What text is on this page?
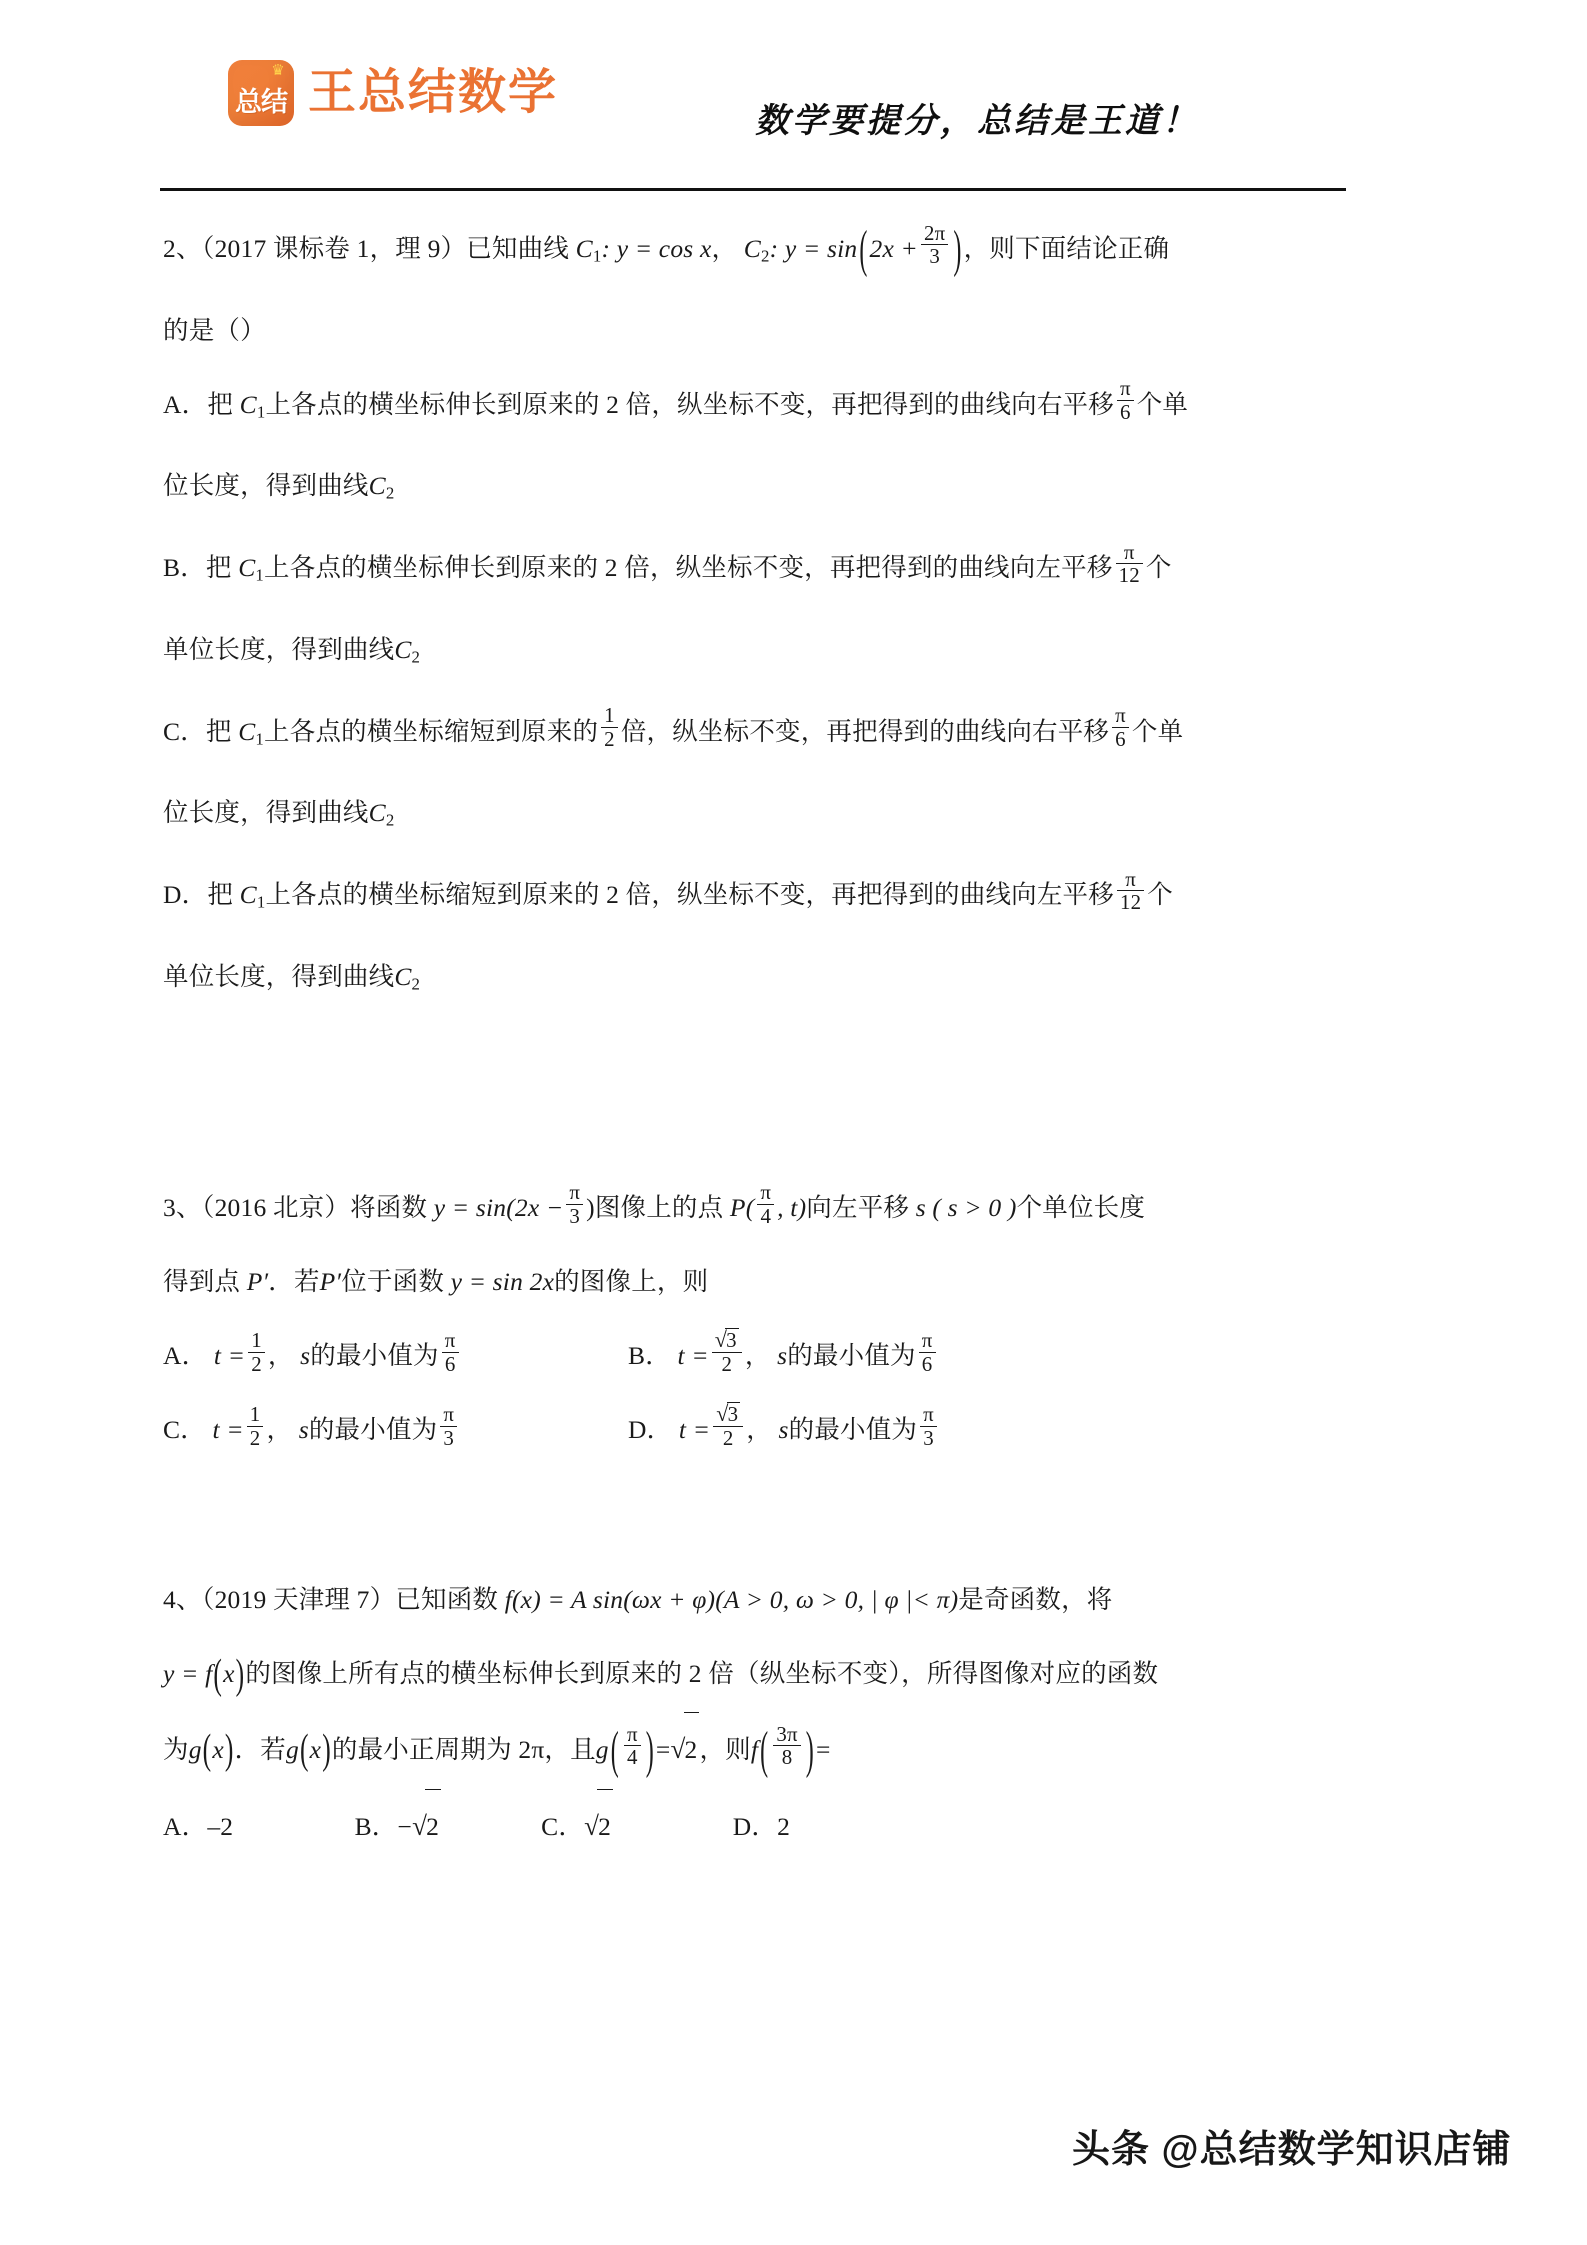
♛
总结 王总结数学
数学要提分，总结是王道！
2、（2017 课标卷 1，理 9）已知曲线 $C_1$: y = cos x， $C_2$: $y = \sin(2x + \frac{2\pi}{3}$ )，则下面结论正确
的是（）
A．把 $C_1$上各点的横坐标伸长到原来的 2 倍，纵坐标不变，再把得到的曲线向右平移 $\frac{\pi}{6}$ 个单
位长度，得到曲线$C_2$
B．把 $C_1$上各点的横坐标伸长到原来的 2 倍，纵坐标不变，再把得到的曲线向左平移 $\frac{\pi}{12}$ 个
单位长度，得到曲线$C_2$
C．把 $C_1$上各点的横坐标缩短到原来的 $\frac{1}{2}$ 倍，纵坐标不变，再把得到的曲线向右平移 $\frac{\pi}{6}$ 个单
位长度，得到曲线$C_2$
D．把 $C_1$上各点的横坐标缩短到原来的 2 倍，纵坐标不变，再把得到的曲线向左平移 $\frac{\pi}{12}$ 个
单位长度，得到曲线$C_2$
3、（2016 北京）将函数 $y = \sin(2x - \frac{\pi}{3}$ )图像上的点 $P( \frac{\pi}{4}$ , t)向左平移 s ( s > 0 )个单位长度
得到点 P′．若P′位于函数 y = sin 2x的图像上，则
A． $t = \frac{1}{2}$ ， s的最小值为 $\frac{\pi}{6}$	B． $t = \frac{√3}{2}$ ， s的最小值为 $\frac{\pi}{6}$
C． $t = \frac{1}{2}$ ， s的最小值为 $\frac{\pi}{3}$	D． $t = \frac{√3}{2}$ ， s的最小值为 $\frac{\pi}{3}$
4、（2019 天津理 7）已知函数 f(x) = A sin(ωx + φ)(A > 0, ω > 0, | φ |< π)是奇函数，将
y = f(x)的图像上所有点的横坐标伸长到原来的 2 倍（纵坐标不变），所得图像对应的函数
为g(x)．若g(x)的最小正周期为 2π，且$g( \frac{\pi}{4} )=√2$，则$f( \frac{3\pi}{8}$ )=
A．–2	B．−√2	C．√2	D．2
头条 @总结数学知识店铺
